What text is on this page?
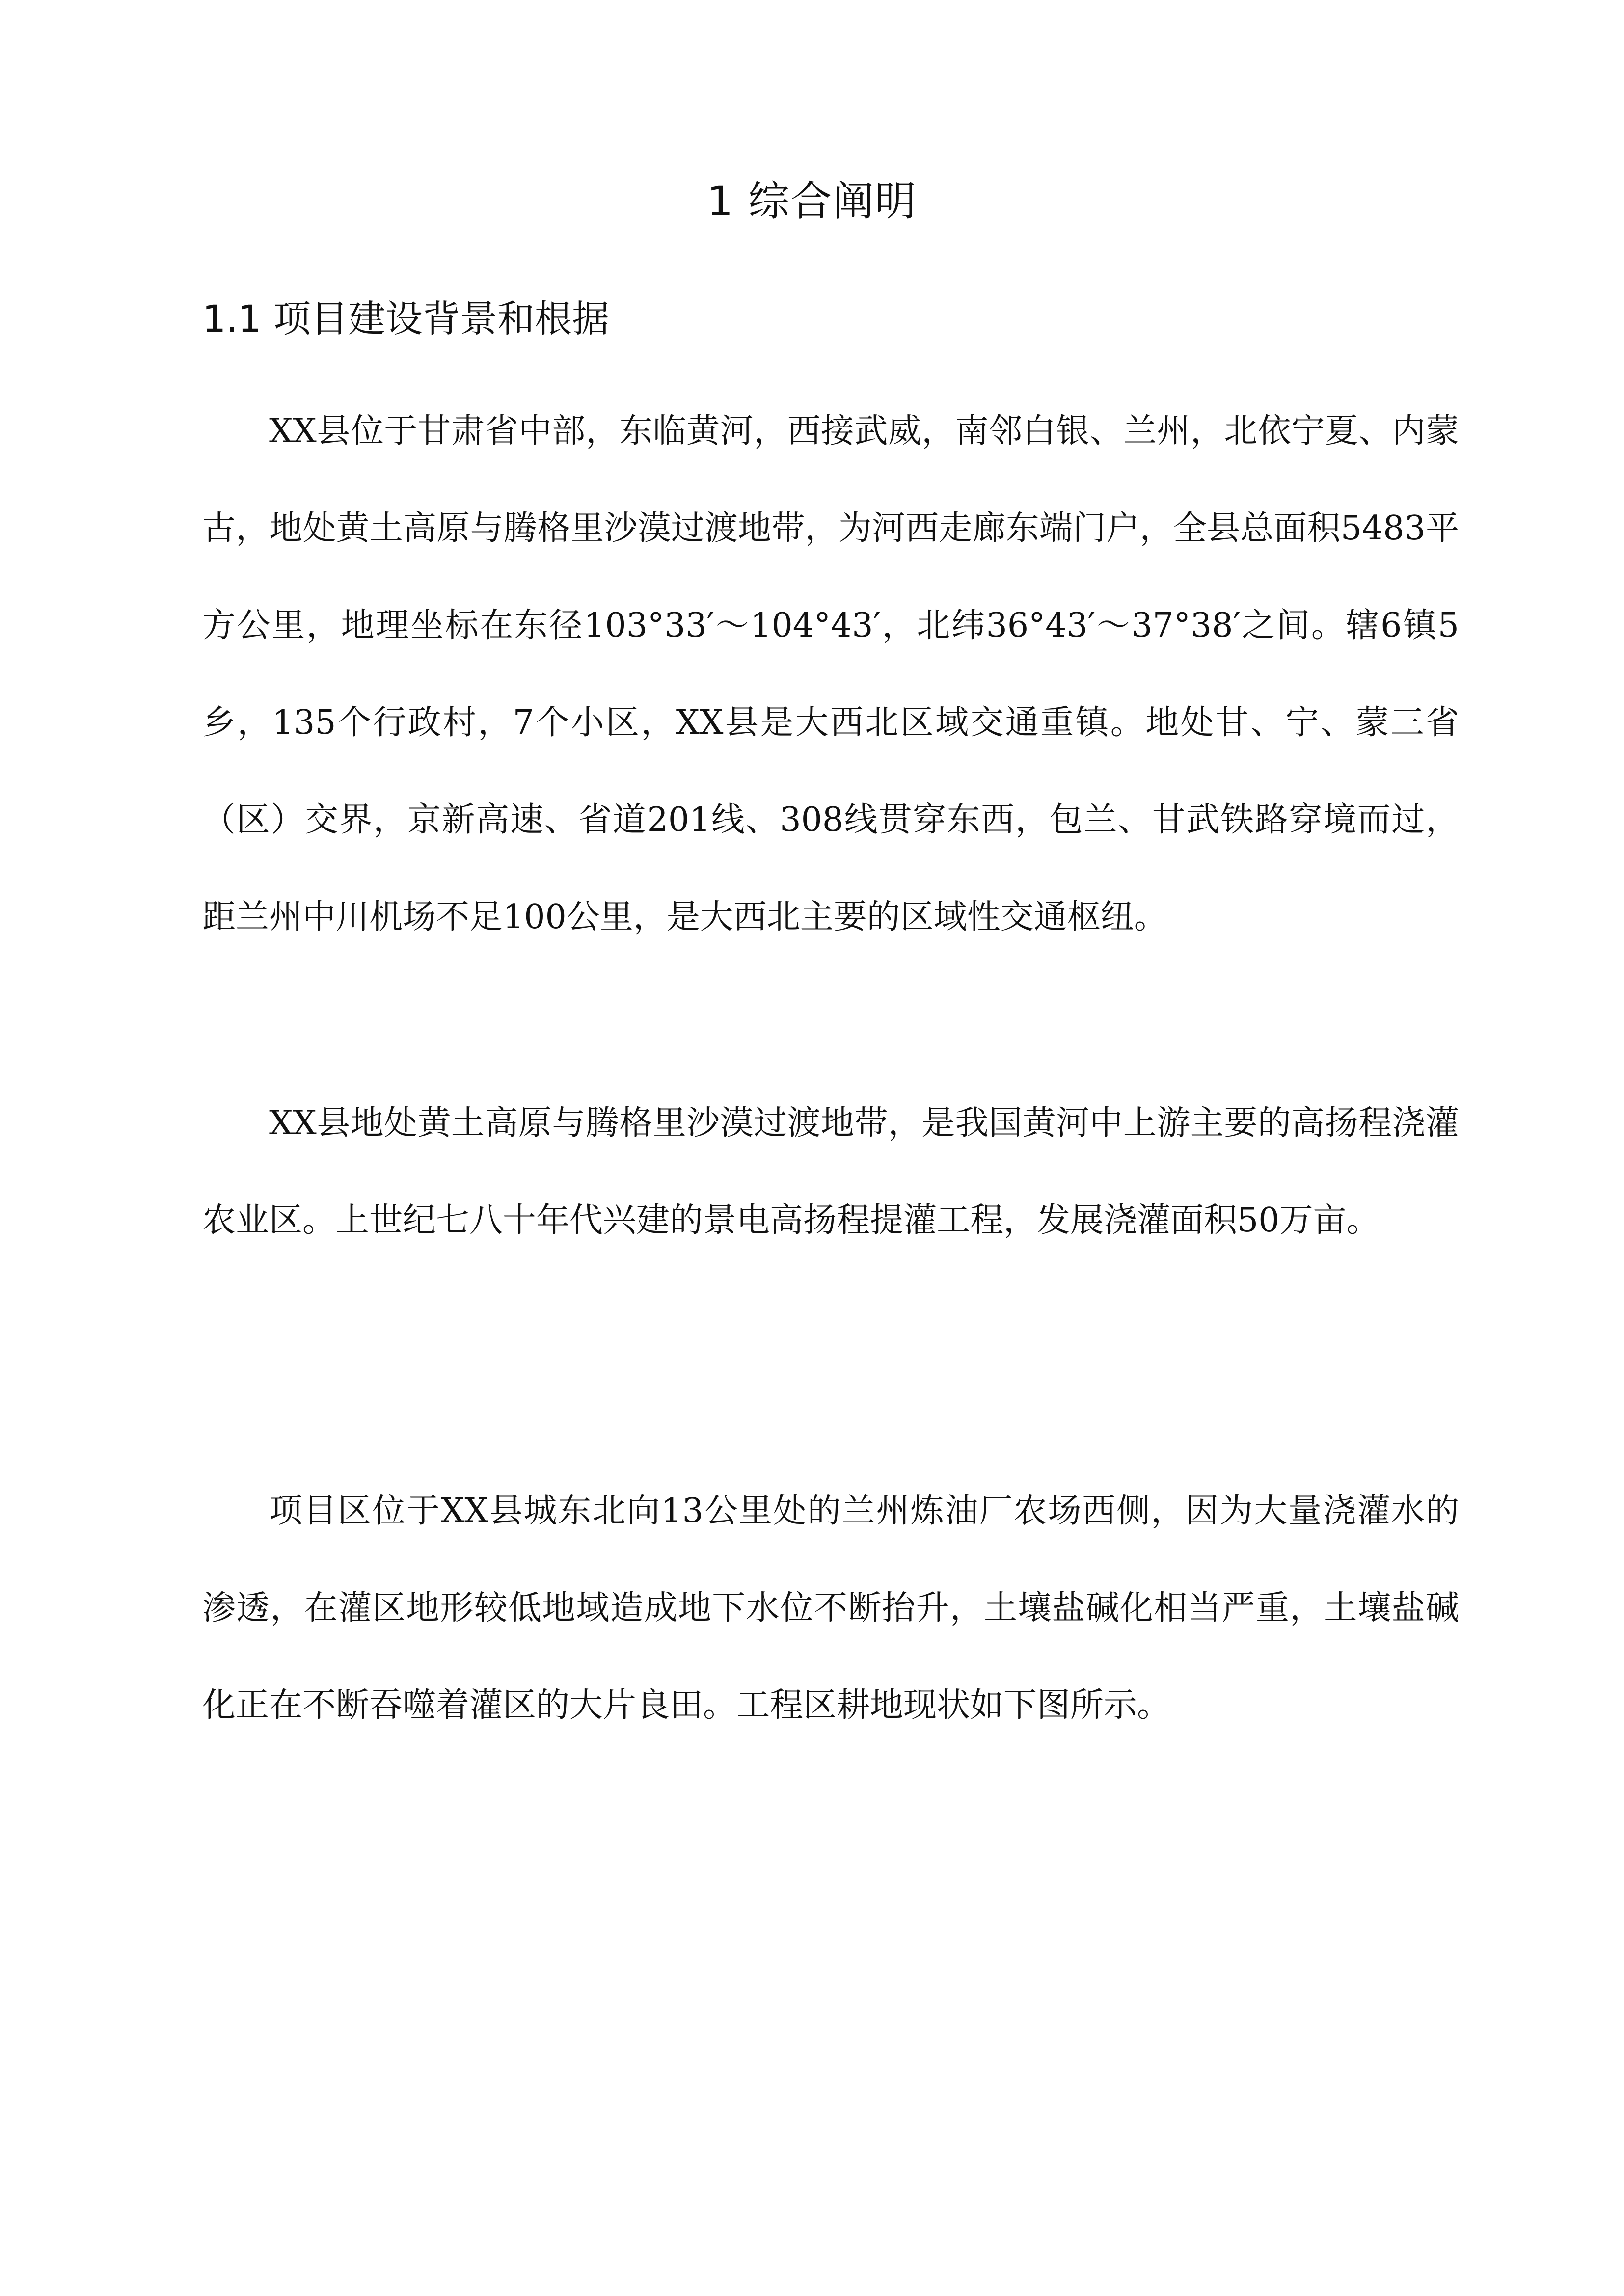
1 综合阐明
1.1 项目建设背景和根据

XX县位于甘肃省中部，东临黄河，西接武威，南邻白银、兰州，北依宁夏、内蒙古，地处黄土高原与腾格里沙漠过渡地带，为河西走廊东端门户，全县总面积5483平方公里，地理坐标在东径103°33′～104°43′，北纬36°43′～37°38′之间。辖6镇5乡，135个行政村，7个小区，XX县是大西北区域交通重镇。地处甘、宁、蒙三省（区）交界，京新高速、省道201线、308线贯穿东西，包兰、甘武铁路穿境而过，距兰州中川机场不足100公里，是大西北主要的区域性交通枢纽。

XX县地处黄土高原与腾格里沙漠过渡地带，是我国黄河中上游主要的高扬程浇灌农业区。上世纪七八十年代兴建的景电高扬程提灌工程，发展浇灌面积50万亩。

项目区位于XX县城东北向13公里处的兰州炼油厂农场西侧，因为大量浇灌水的渗透，在灌区地形较低地域造成地下水位不断抬升，土壤盐碱化相当严重，土壤盐碱化正在不断吞噬着灌区的大片良田。工程区耕地现状如下图所示。
